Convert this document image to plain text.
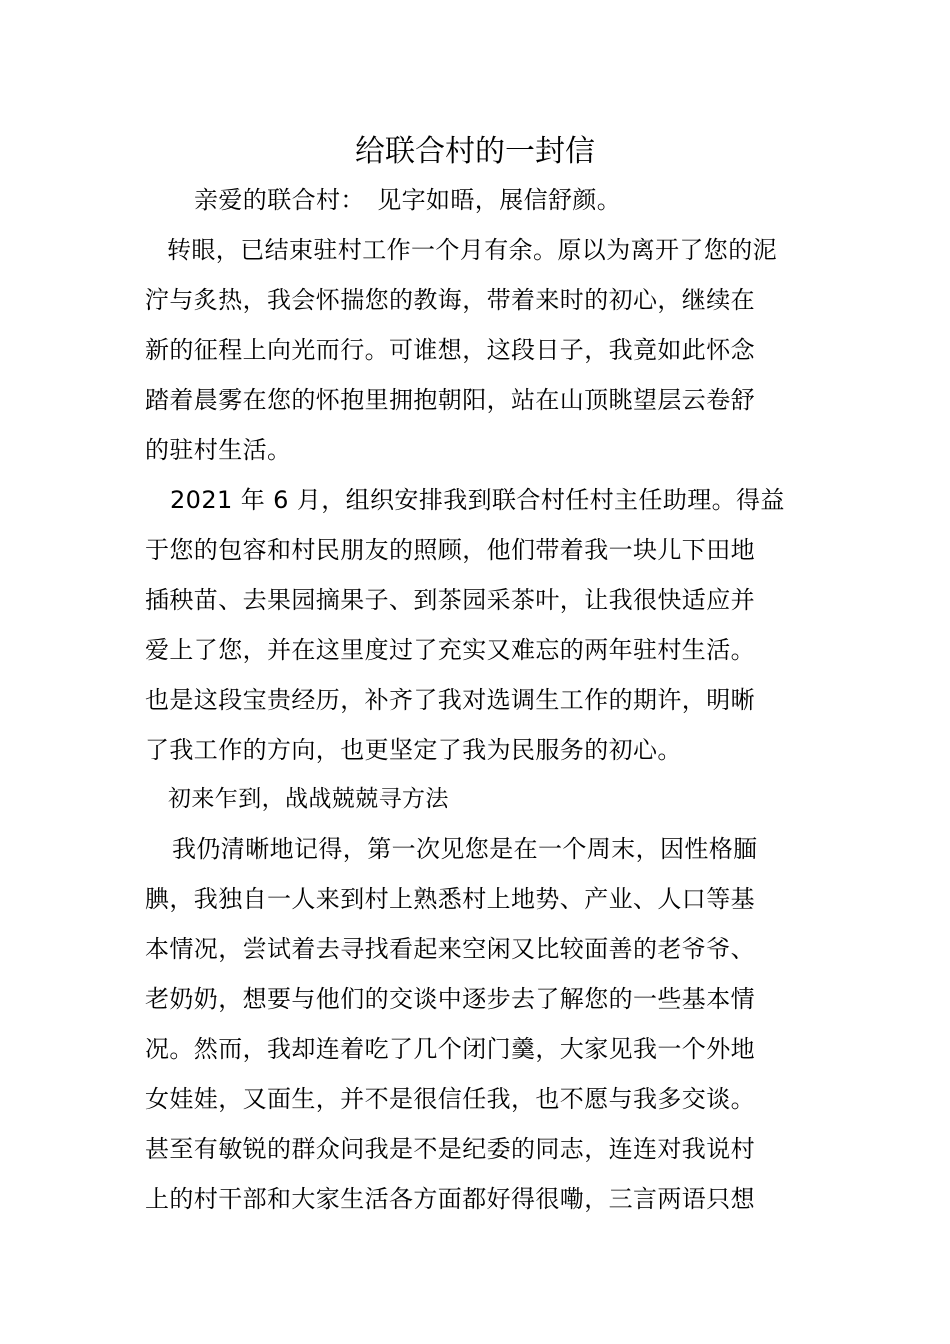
给联合村的一封信
亲爱的联合村：　见字如晤，展信舒颜。
转眼，已结束驻村工作一个月有余。原以为离开了您的泥
泞与炙热，我会怀揣您的教诲，带着来时的初心，继续在
新的征程上向光而行。可谁想，这段日子，我竟如此怀念
踏着晨雾在您的怀抱里拥抱朝阳，站在山顶眺望层云卷舒
的驻村生活。
2021 年 6 月，组织安排我到联合村任村主任助理。得益
于您的包容和村民朋友的照顾，他们带着我一块儿下田地
插秧苗、去果园摘果子、到茶园采茶叶，让我很快适应并
爱上了您，并在这里度过了充实又难忘的两年驻村生活。
也是这段宝贵经历，补齐了我对选调生工作的期许，明晰
了我工作的方向，也更坚定了我为民服务的初心。
初来乍到，战战兢兢寻方法
我仍清晰地记得，第一次见您是在一个周末，因性格腼
腆，我独自一人来到村上熟悉村上地势、产业、人口等基
本情况，尝试着去寻找看起来空闲又比较面善的老爷爷、
老奶奶，想要与他们的交谈中逐步去了解您的一些基本情
况。然而，我却连着吃了几个闭门羹，大家见我一个外地
女娃娃，又面生，并不是很信任我，也不愿与我多交谈。
甚至有敏锐的群众问我是不是纪委的同志，连连对我说村
上的村干部和大家生活各方面都好得很嘞，三言两语只想
